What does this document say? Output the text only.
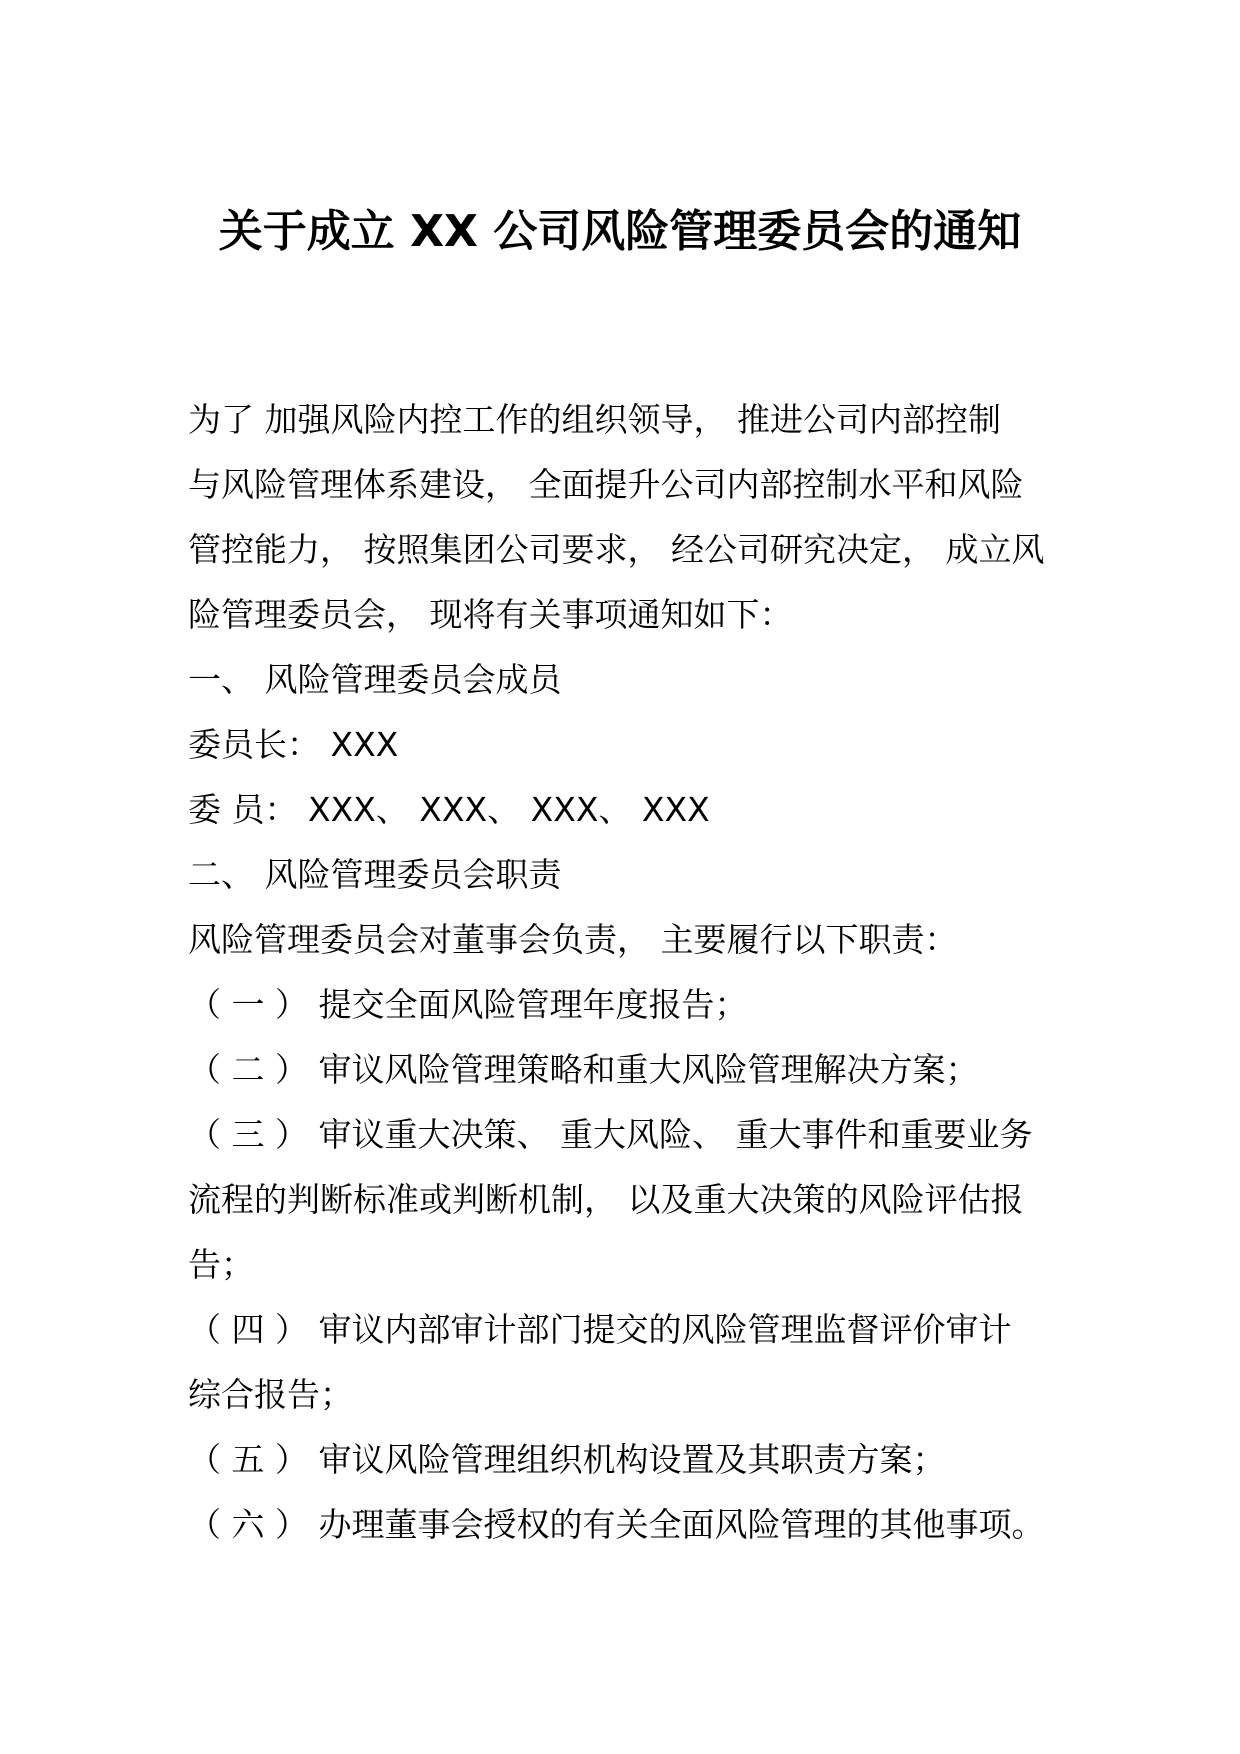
关于成立 XX 公司风险管理委员会的通知
为了 加强风险内控工作的组织领导， 推进公司内部控制
与风险管理体系建设， 全面提升公司内部控制水平和风险
管控能力， 按照集团公司要求， 经公司研究决定， 成立风
险管理委员会， 现将有关事项通知如下：
一、 风险管理委员会成员
委员长： XXX
委 员： XXX、 XXX、 XXX、 XXX
二、 风险管理委员会职责
风险管理委员会对董事会负责， 主要履行以下职责：
（ 一 ） 提交全面风险管理年度报告；
（ 二 ） 审议风险管理策略和重大风险管理解决方案；
（ 三 ） 审议重大决策、 重大风险、 重大事件和重要业务
流程的判断标准或判断机制， 以及重大决策的风险评估报
告；
（ 四 ） 审议内部审计部门提交的风险管理监督评价审计
综合报告；
（ 五 ） 审议风险管理组织机构设置及其职责方案；
（ 六 ） 办理董事会授权的有关全面风险管理的其他事项。
